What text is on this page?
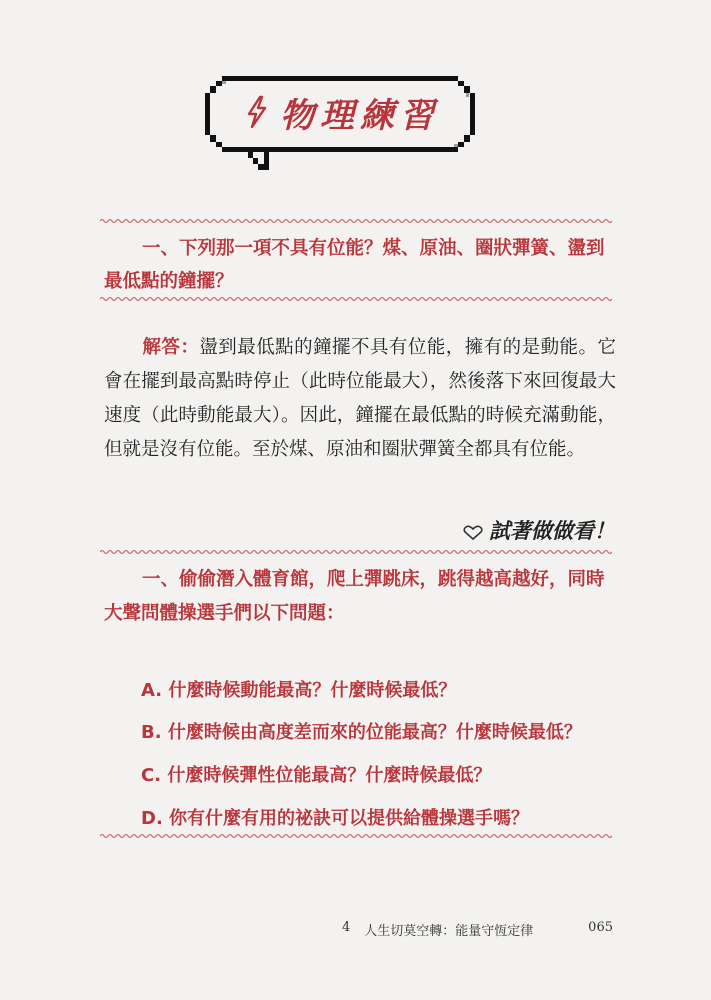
物理練習
一、下列那一項不具有位能？煤、原油、圈狀彈簧、盪到最低點的鐘擺？
解答：盪到最低點的鐘擺不具有位能，擁有的是動能。它會在擺到最高點時停止（此時位能最大），然後落下來回復最大速度（此時動能最大）。因此，鐘擺在最低點的時候充滿動能，但就是沒有位能。至於煤、原油和圈狀彈簧全都具有位能。
試著做做看！
一、偷偷潛入體育館，爬上彈跳床，跳得越高越好，同時大聲問體操選手們以下問題：
A. 什麼時候動能最高？什麼時候最低？
B. 什麼時候由高度差而來的位能最高？什麼時候最低？
C. 什麼時候彈性位能最高？什麼時候最低？
D. 你有什麼有用的祕訣可以提供給體操選手嗎？
4 人生切莫空轉：能量守恆定律	065
